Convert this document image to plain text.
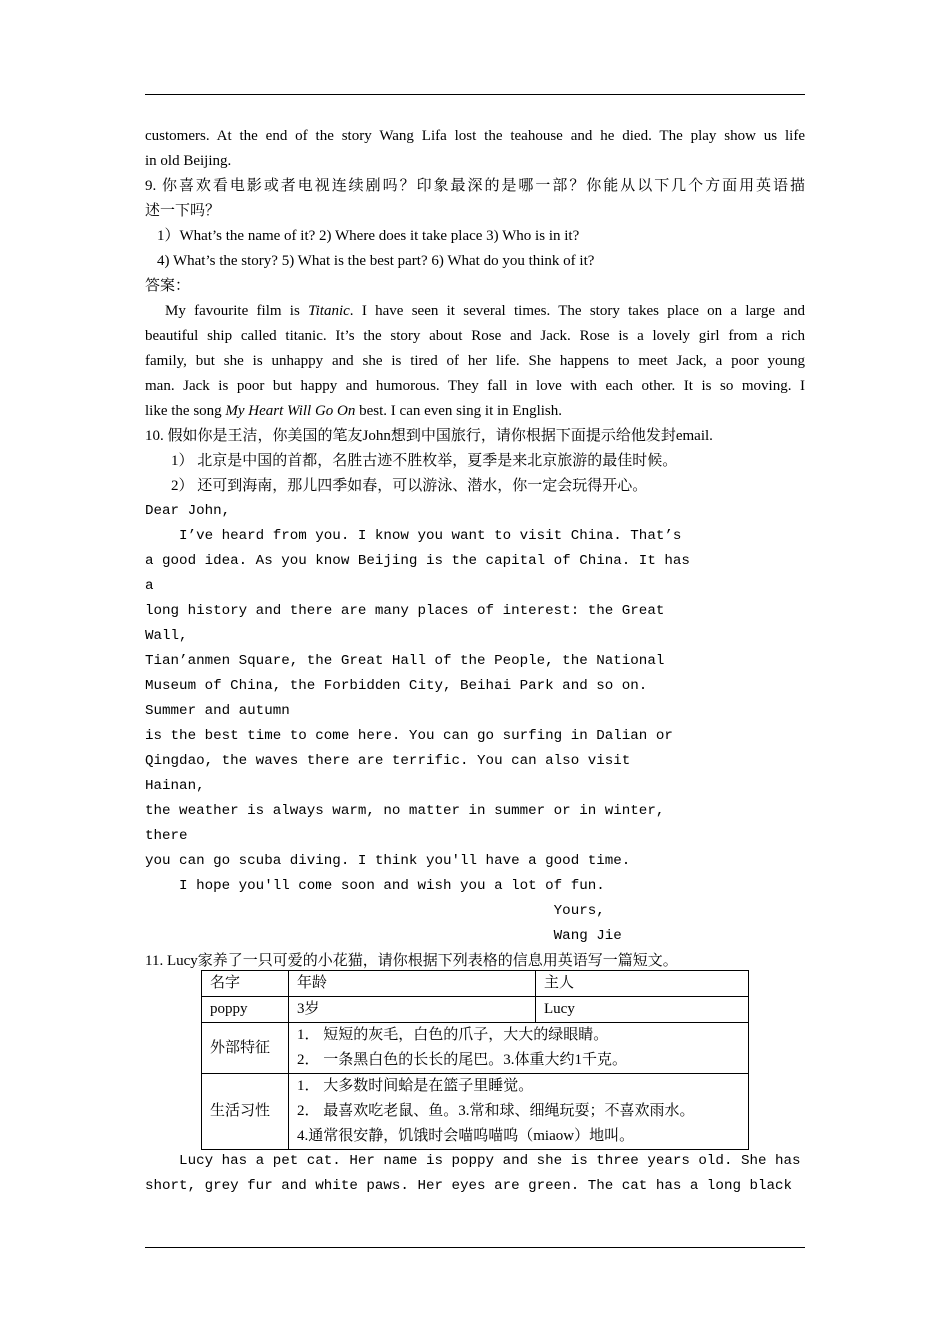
customers. At the end of the story Wang Lifa lost the teahouse and he died. The play show us life
in old Beijing.
9. 你喜欢看电影或者电视连续剧吗？印象最深的是哪一部？你能从以下几个方面用英语描
述一下吗？
1）What’s the name of it? 2) Where does it take place 3) Who is in it?
4) What’s the story? 5) What is the best part? 6) What do you think of it?
答案：
My favourite film is Titanic. I have seen it several times. The story takes place on a large and
beautiful ship called titanic. It’s the story about Rose and Jack. Rose is a lovely girl from a rich
family, but she is unhappy and she is tired of her life. She happens to meet Jack, a poor young
man. Jack is poor but happy and humorous. They fall in love with each other. It is so moving. I
like the song My Heart Will Go On best. I can even sing it in English.
10. 假如你是王洁，你美国的笔友John想到中国旅行，请你根据下面提示给他发封email.
1） 北京是中国的首都，名胜古迹不胜枚举，夏季是来北京旅游的最佳时候。
2） 还可到海南，那儿四季如春，可以游泳、潜水，你一定会玩得开心。
Dear John,
I’ve heard from you. I know you want to visit China. That’s
a good idea. As you know Beijing is the capital of China. It has
a
long history and there are many places of interest: the Great
Wall,
Tian’anmen Square, the Great Hall of the People, the National
Museum of China, the Forbidden City, Beihai Park and so on.
Summer and autumn
is the best time to come here. You can go surfing in Dalian or
Qingdao, the waves there are terrific. You can also visit
Hainan,
the weather is always warm, no matter in summer or in winter,
there
you can go scuba diving. I think you'll have a good time.
I hope you'll come soon and wish you a lot of fun.
Yours,
Wang Jie
11. Lucy家养了一只可爱的小花猫，请你根据下列表格的信息用英语写一篇短文。
名字	年龄	主人
poppy	3岁	Lucy
外部特征	1． 短短的灰毛，白色的爪子，大大的绿眼睛。
2． 一条黑白色的长长的尾巴。3.体重大约1千克。	

生活习性	1． 大多数时间蛤是在篮子里睡觉。
2． 最喜欢吃老鼠、鱼。3.常和球、细绳玩耍；不喜欢雨水。
4.通常很安静，饥饿时会喵呜喵呜（miaow）地叫。	
Lucy has a pet cat. Her name is poppy and she is three years old. She has
short, grey fur and white paws. Her eyes are green. The cat has a long black
